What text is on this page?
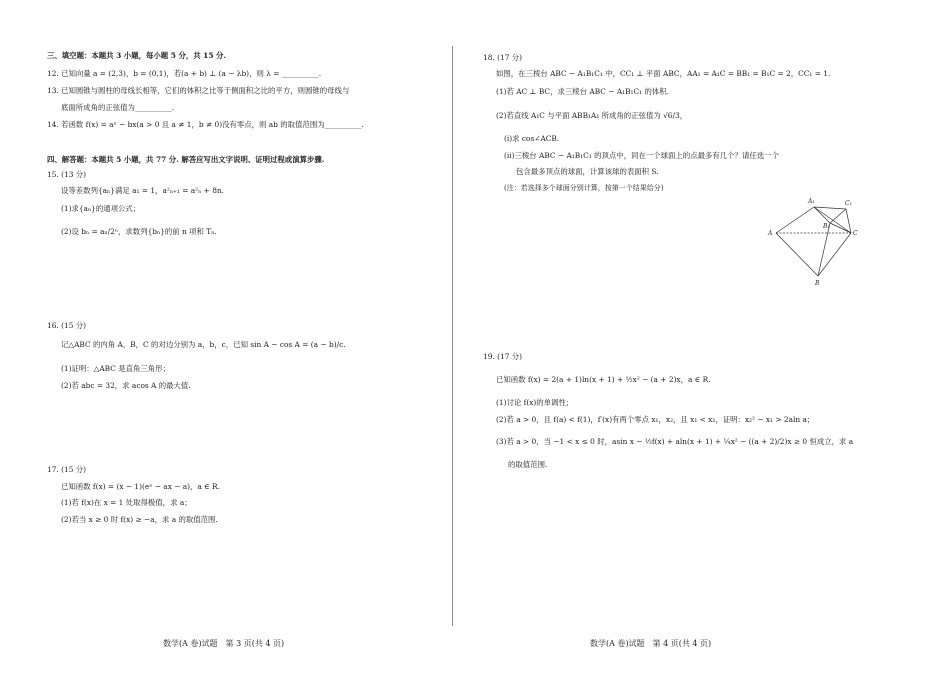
三、填空题：本题共 3 小题，每小题 5 分，共 15 分.
12. 已知向量 a = (2,3)，b = (0,1)，若(a + b) ⊥ (a − λb)，则 λ = __________.
13. 已知圆锥与圆柱的母线长相等，它们的体积之比等于侧面积之比的平方，则圆锥的母线与
底面所成角的正弦值为__________.
14. 若函数 f(x) = aˣ − bx(a > 0 且 a ≠ 1，b ≠ 0)没有零点，则 ab 的取值范围为__________.
四、解答题：本题共 5 小题，共 77 分. 解答应写出文字说明、证明过程或演算步骤.
15. (13 分)
设等差数列{aₙ}满足 a₁ = 1，a²ₙ₊₁ = a²ₙ + 8n.
(1)求{aₙ}的通项公式；
(2)设 bₙ = aₙ/2ⁿ，求数列{bₙ}的前 n 项和 Tₙ.
16. (15 分)
记△ABC 的内角 A，B，C 的对边分别为 a，b，c，已知 sin A − cos A = (a − b)/c.
(1)证明：△ABC 是直角三角形；
(2)若 abc = 32，求 acos A 的最大值.
17. (15 分)
已知函数 f(x) = (x − 1)(eˣ − ax − a)，a ∈ R.
(1)若 f(x)在 x = 1 处取得极值，求 a；
(2)若当 x ≥ 0 时 f(x) ≥ −a，求 a 的取值范围.
数学(A 卷)试题　第 3 页(共 4 页)
18. (17 分)
如图，在三棱台 ABC − A₁B₁C₁ 中，CC₁ ⊥ 平面 ABC，AA₁ = A₁C = BB₁ = B₁C = 2，CC₁ = 1.
(1)若 AC ⊥ BC，求三棱台 ABC − A₁B₁C₁ 的体积.
(2)若直线 A₁C 与平面 ABB₁A₁ 所成角的正弦值为 √6/3，
(ⅰ)求 cos∠ACB.
(ⅱ)三棱台 ABC − A₁B₁C₁ 的顶点中，同在一个球面上的点最多有几个？请任选一个
包含最多顶点的球面，计算该球的表面积 S.
(注：若选择多个球面分别计算，按第一个结果给分)
A
A₁	C₁
B₁
C
B
19. (17 分)
已知函数 f(x) = 2(a + 1)ln(x + 1) + ½x² − (a + 2)x，a ∈ R.
(1)讨论 f(x)的单调性；
(2)若 a > 0，且 f(a) < f(1)，f′(x)有两个零点 x₁，x₂，且 x₁ < x₂，证明：x₂² − x₁ > 2aln a；
(3)若 a > 0，当 −1 < x ≤ 0 时，asin x − ½f(x) + aln(x + 1) + ¼x² − ((a + 2)/2)x ≥ 0 恒成立，求 a
的取值范围.
数学(A 卷)试题　第 4 页(共 4 页)
